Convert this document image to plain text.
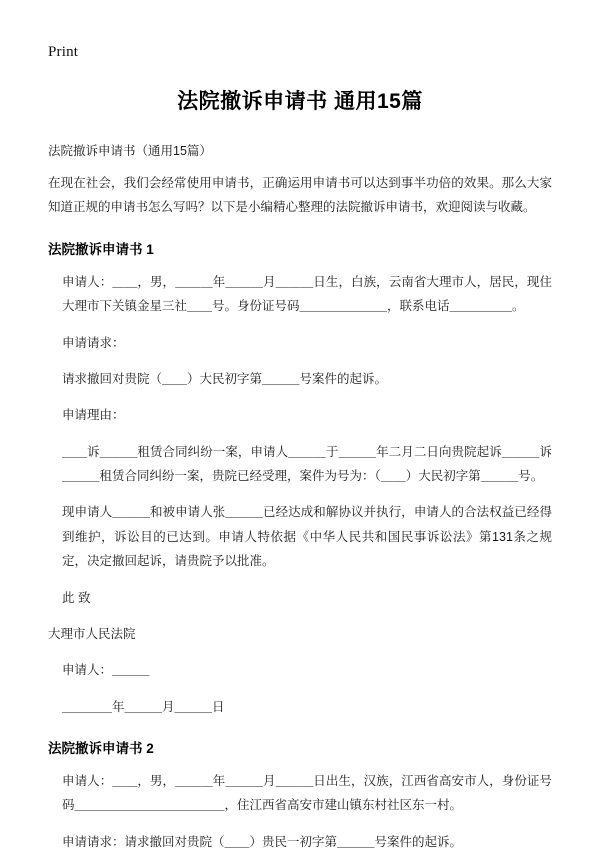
Print
法院撤诉申请书 通用15篇
法院撤诉申请书（通用15篇）
在现在社会，我们会经常使用申请书，正确运用申请书可以达到事半功倍的效果。那么大家知道正规的申请书怎么写吗？以下是小编精心整理的法院撤诉申请书，欢迎阅读与收藏。
法院撤诉申请书 1
申请人：＿＿，男，＿＿＿年＿＿＿月＿＿＿日生，白族，云南省大理市人，居民，现住大理市下关镇金星三社＿＿号。身份证号码＿＿＿＿＿＿＿，联系电话＿＿＿＿＿。
申请请求：
请求撤回对贵院（＿＿）大民初字第＿＿＿号案件的起诉。
申请理由：
＿＿诉＿＿＿租赁合同纠纷一案，申请人＿＿＿于＿＿＿年二月二日向贵院起诉＿＿＿诉＿＿＿租赁合同纠纷一案，贵院已经受理，案件为号为：（＿＿）大民初字第＿＿＿号。
现申请人＿＿＿和被申请人张＿＿＿已经达成和解协议并执行，申请人的合法权益已经得到维护，诉讼目的已达到。申请人特依据《中华人民共和国民事诉讼法》第131条之规定，决定撤回起诉，请贵院予以批准。
此 致
大理市人民法院
申请人：＿＿＿
＿＿＿＿年＿＿＿月＿＿＿日
法院撤诉申请书 2
申请人：＿＿，男，＿＿＿年＿＿＿月＿＿＿日出生，汉族，江西省高安市人，身份证号码＿＿＿＿＿＿＿＿＿＿＿＿，住江西省高安市建山镇东村社区东一村。
申请请求：请求撤回对贵院（＿＿）贵民一初字第＿＿＿号案件的起诉。
